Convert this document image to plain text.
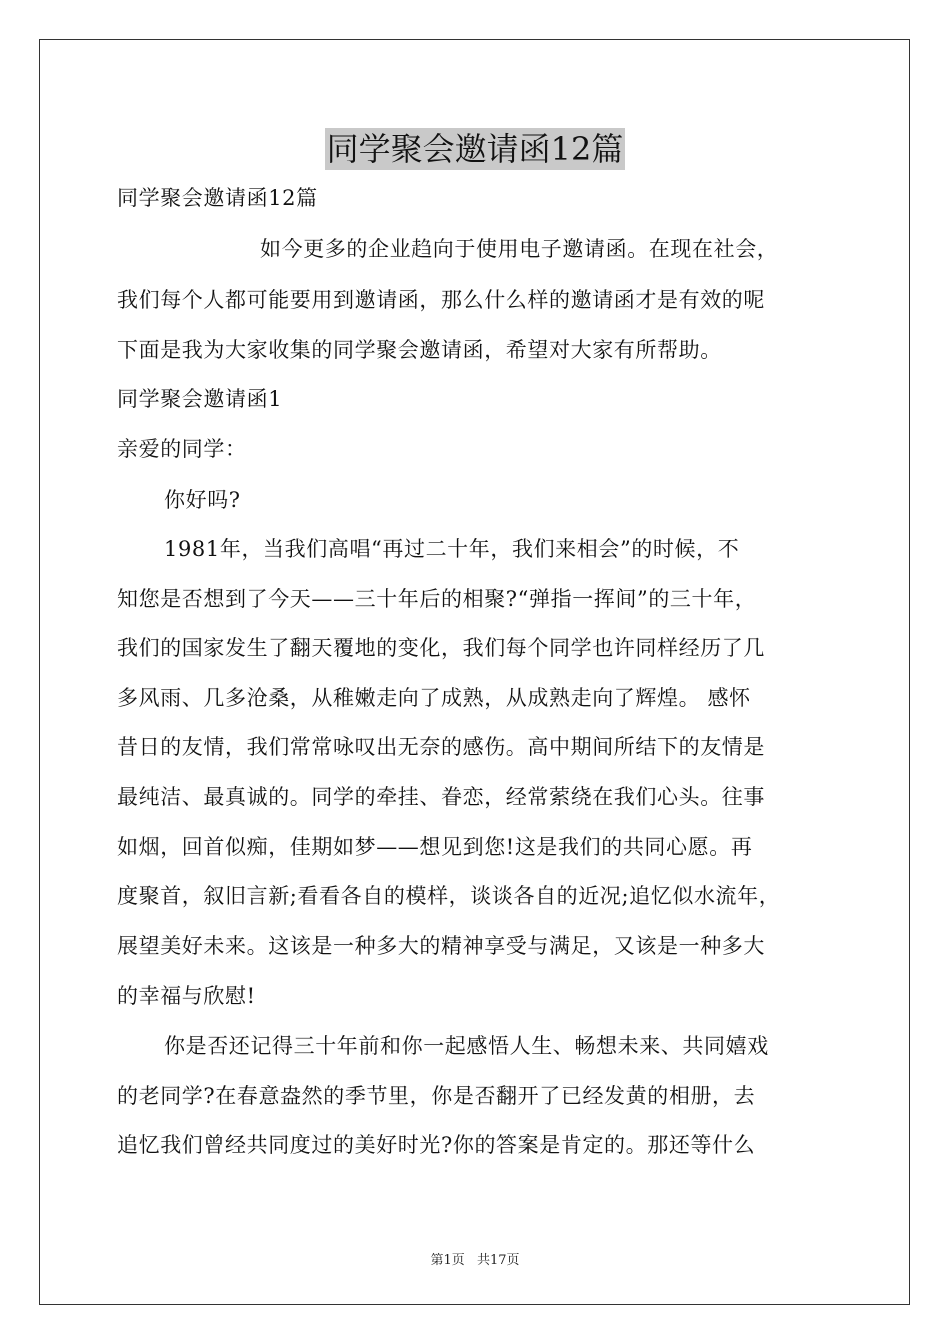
同学聚会邀请函12篇
同学聚会邀请函12篇
如今更多的企业趋向于使用电子邀请函。在现在社会，
我们每个人都可能要用到邀请函，那么什么样的邀请函才是有效的呢
下面是我为大家收集的同学聚会邀请函，希望对大家有所帮助。
同学聚会邀请函1
亲爱的同学：
你好吗?
1981年，当我们高唱“再过二十年，我们来相会”的时候，不
知您是否想到了今天——三十年后的相聚?“弹指一挥间”的三十年，
我们的国家发生了翻天覆地的变化，我们每个同学也许同样经历了几
多风雨、几多沧桑，从稚嫩走向了成熟，从成熟走向了辉煌。 感怀
昔日的友情，我们常常咏叹出无奈的感伤。高中期间所结下的友情是
最纯洁、最真诚的。同学的牵挂、眷恋，经常萦绕在我们心头。往事
如烟，回首似痴，佳期如梦——想见到您!这是我们的共同心愿。再
度聚首，叙旧言新;看看各自的模样，谈谈各自的近况;追忆似水流年，
展望美好未来。这该是一种多大的精神享受与满足，又该是一种多大
的幸福与欣慰!
你是否还记得三十年前和你一起感悟人生、畅想未来、共同嬉戏
的老同学?在春意盎然的季节里，你是否翻开了已经发黄的相册，去
追忆我们曾经共同度过的美好时光?你的答案是肯定的。那还等什么
第1页 共17页
